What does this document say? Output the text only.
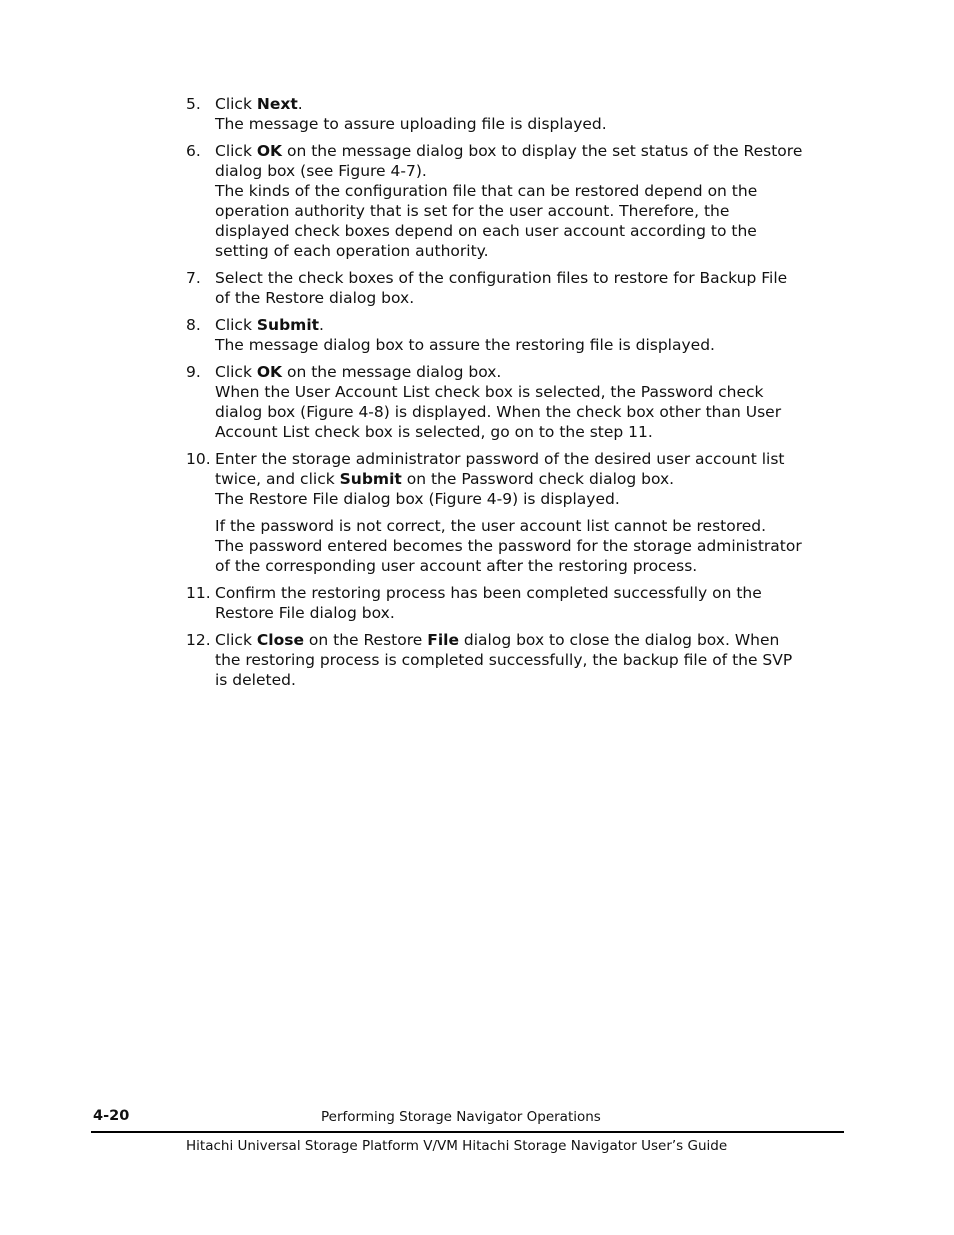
5. Click Next.
The message to assure uploading file is displayed.
6. Click OK on the message dialog box to display the set status of the Restore
dialog box (see Figure 4-7).
The kinds of the configuration file that can be restored depend on the
operation authority that is set for the user account. Therefore, the
displayed check boxes depend on each user account according to the
setting of each operation authority.
7. Select the check boxes of the configuration files to restore for Backup File
of the Restore dialog box.
8. Click Submit.
The message dialog box to assure the restoring file is displayed.
9. Click OK on the message dialog box.
When the User Account List check box is selected, the Password check
dialog box (Figure 4-8) is displayed. When the check box other than User
Account List check box is selected, go on to the step 11.
10. Enter the storage administrator password of the desired user account list
twice, and click Submit on the Password check dialog box.
The Restore File dialog box (Figure 4-9) is displayed.
If the password is not correct, the user account list cannot be restored.
The password entered becomes the password for the storage administrator
of the corresponding user account after the restoring process.
11. Confirm the restoring process has been completed successfully on the
Restore File dialog box.
12. Click Close on the Restore File dialog box to close the dialog box. When
the restoring process is completed successfully, the backup file of the SVP
is deleted.
4-20	Performing Storage Navigator Operations
Hitachi Universal Storage Platform V/VM Hitachi Storage Navigator User’s Guide
